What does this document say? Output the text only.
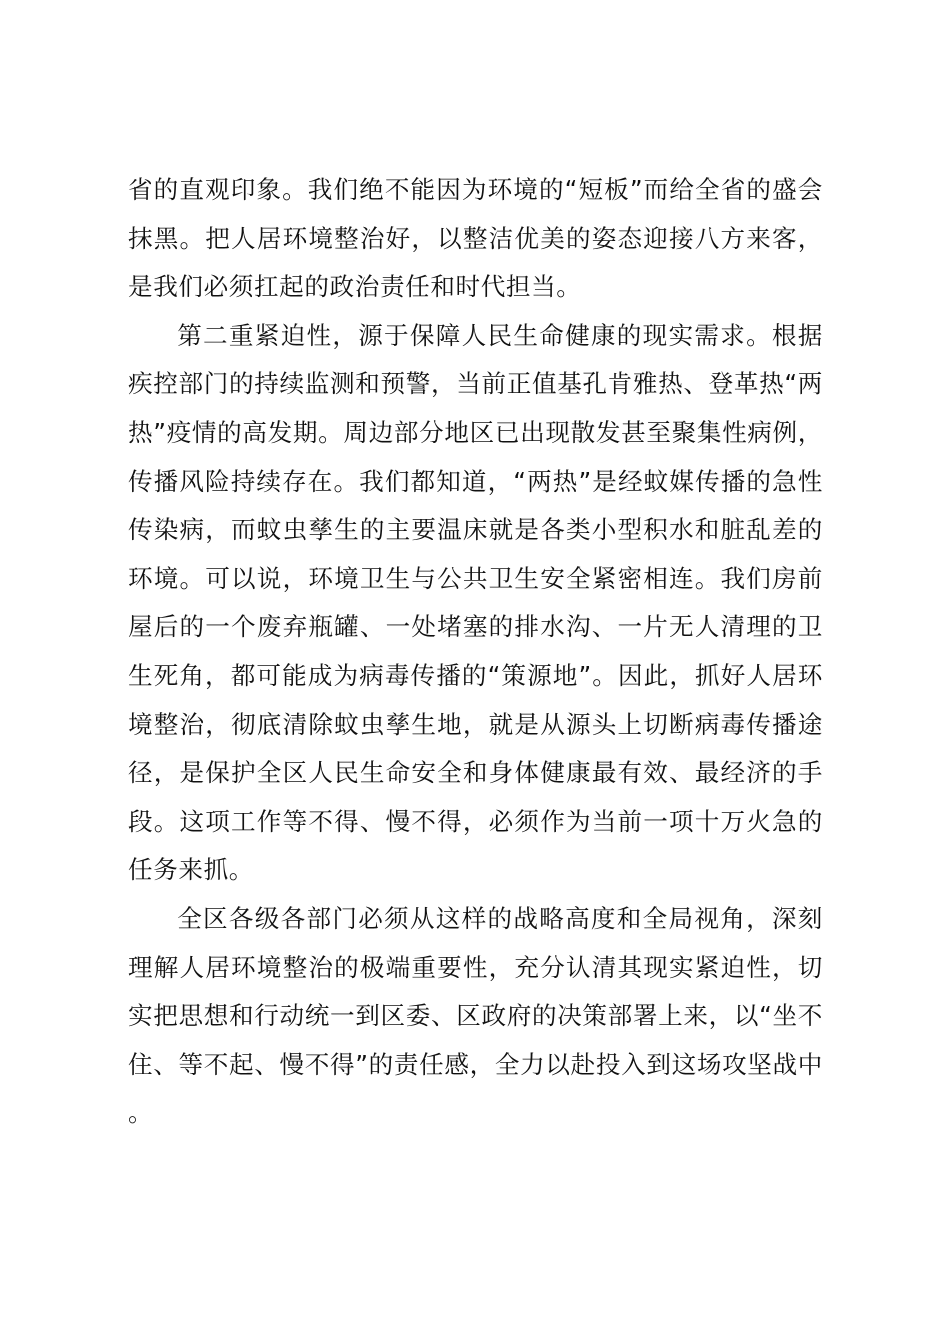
省的直观印象。我们绝不能因为环境的“短板”而给全省的盛会抹黑。把人居环境整治好，以整洁优美的姿态迎接八方来客，是我们必须扛起的政治责任和时代担当。

第二重紧迫性，源于保障人民生命健康的现实需求。根据疾控部门的持续监测和预警，当前正值基孔肯雅热、登革热“两热”疫情的高发期。周边部分地区已出现散发甚至聚集性病例，传播风险持续存在。我们都知道，“两热”是经蚊媒传播的急性传染病，而蚊虫孳生的主要温床就是各类小型积水和脏乱差的环境。可以说，环境卫生与公共卫生安全紧密相连。我们房前屋后的一个废弃瓶罐、一处堵塞的排水沟、一片无人清理的卫生死角，都可能成为病毒传播的“策源地”。因此，抓好人居环境整治，彻底清除蚊虫孳生地，就是从源头上切断病毒传播途径，是保护全区人民生命安全和身体健康最有效、最经济的手段。这项工作等不得、慢不得，必须作为当前一项十万火急的任务来抓。

全区各级各部门必须从这样的战略高度和全局视角，深刻理解人居环境整治的极端重要性，充分认清其现实紧迫性，切实把思想和行动统一到区委、区政府的决策部署上来，以“坐不住、等不起、慢不得”的责任感，全力以赴投入到这场攻坚战中。
